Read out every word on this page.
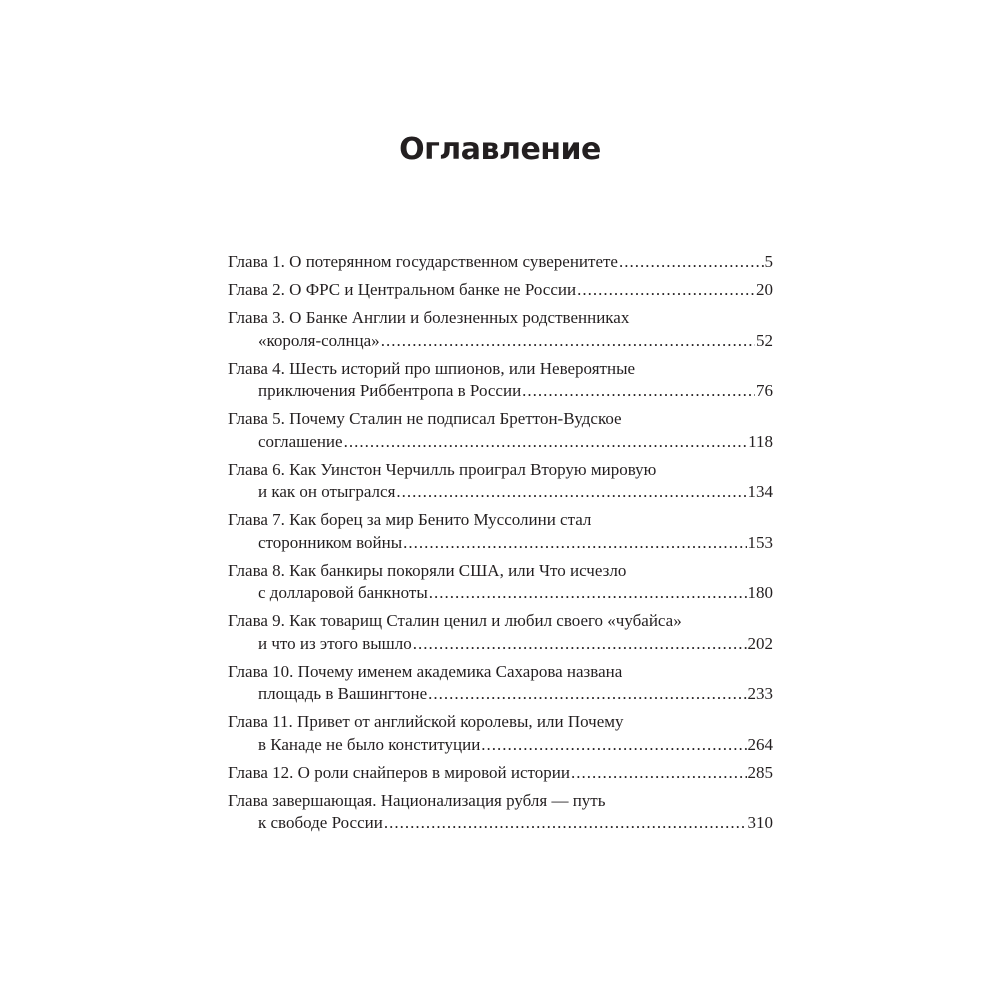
Оглавление
Глава 1. О потерянном государственном суверенитете .....	5
Глава 2. О ФРС и Центральном банке не России .....	20
Глава 3. О Банке Англии и болезненных родственниках
«короля-солнца» .....	52
Глава 4. Шесть историй про шпионов, или Невероятные
приключения Риббентропа в России .....	76
Глава 5. Почему Сталин не подписал Бреттон-Вудское
соглашение .....	118
Глава 6. Как Уинстон Черчилль проиграл Вторую мировую
и как он отыгрался .....	134
Глава 7. Как борец за мир Бенито Муссолини стал
сторонником войны .....	153
Глава 8. Как банкиры покоряли США, или Что исчезло
с долларовой банкноты .....	180
Глава 9. Как товарищ Сталин ценил и любил своего «чубайса»
и что из этого вышло .....	202
Глава 10. Почему именем академика Сахарова названа
площадь в Вашингтоне .....	233
Глава 11. Привет от английской королевы, или Почему
в Канаде не было конституции .....	264
Глава 12. О роли снайперов в мировой истории .....	285
Глава завершающая. Национализация рубля — путь
к свободе России .....	310
